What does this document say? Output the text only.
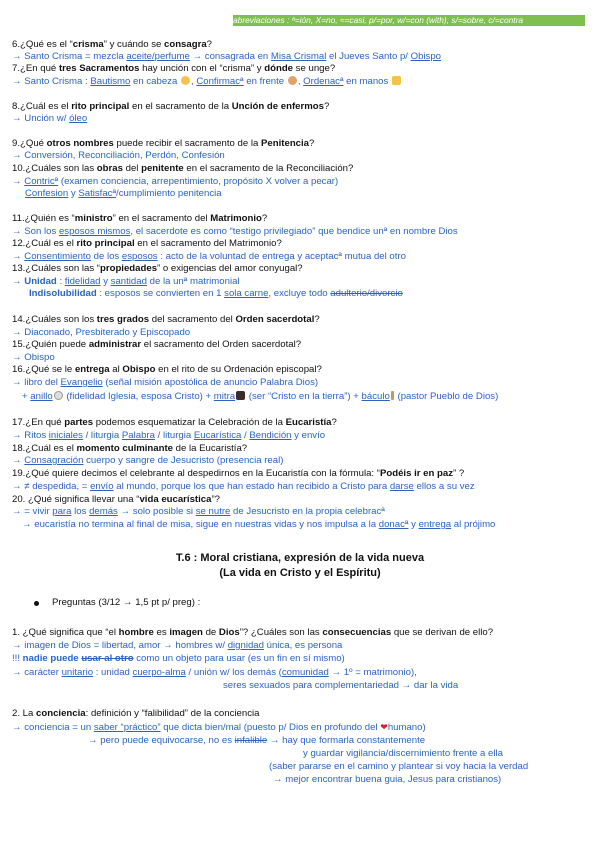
abreviaciones : ª=ión, X=no, ≈=casi, p/=por, w/=con (with), s/=sobre, c/=contra
6.¿Qué es el “crisma” y cuándo se consagra?
→ Santo Crisma = mezcla aceite/perfume → consagrada en Misa Crismal el Jueves Santo p/ Obispo
7.¿En qué tres Sacramentos hay unción con el “crisma” y dónde se unge?
→ Santo Crisma : Bautismo en cabeza , Confirmacª en frente , Ordenacª en manos
8.¿Cuál es el rito principal en el sacramento de la Unción de enfermos?
→ Unción w/ óleo
9.¿Qué otros nombres puede recibir el sacramento de la Penitencia?
→ Conversión, Reconciliación, Perdón, Confesión
10.¿Cuáles son las obras del penitente en el sacramento de la Reconciliación?
→ Contricª (examen conciencia, arrepentimiento, propósito X volver a pecar)
Confesion y Satisfacª/cumplimiento penitencia
11.¿Quién es “ministro” en el sacramento del Matrimonio?
→ Son los esposos mismos, el sacerdote es como “testigo privilegiado” que bendice unª en nombre Dios
12.¿Cuál es el rito principal en el sacramento del Matrimonio?
→ Consentimiento de los esposos : acto de la voluntad de entrega y aceptacª mutua del otro
13.¿Cuáles son las “propiedades” o exigencias del amor conyugal?
→ Unidad : fidelidad y santidad de la unª matrimonial
Indisolubilidad : esposos se convierten en 1 sola carne, excluye todo adulterio/divorcio
14.¿Cuáles son los tres grados del sacramento del Orden sacerdotal?
→ Diaconado, Presbiterado y Episcopado
15.¿Quién puede administrar el sacramento del Orden sacerdotal?
→ Obispo
16.¿Qué se le entrega al Obispo en el rito de su Ordenación episcopal?
→ libro del Evangelio (señal misión apostólica de anuncio Palabra Dios)
+ anillo (fidelidad Iglesia, esposa Cristo) + mitra (ser “Cristo en la tierra”) + báculo (pastor Pueblo de Dios)
17.¿En qué partes podemos esquematizar la Celebración de la Eucaristía?
→ Ritos iniciales / liturgia Palabra / liturgia Eucarística / Bendición y envío
18.¿Cuál es el momento culminante de la Eucaristía?
→ Consagración cuerpo y sangre de Jesucristo (presencia real)
19.¿Qué quiere decimos el celebrante al despedirnos en la Eucaristía con la fórmula: “Podéis ir en paz” ?
→ ≠ despedida, = envío al mundo, porque los que han estado han recibido a Cristo para darse ellos a su vez
20. ¿Qué significa llevar una “vida eucarística”?
→ = vivir para los demás → solo posible si se nutre de Jesucristo en la propia celebracª
→ eucaristía no termina al final de misa, sigue en nuestras vidas y nos impulsa a la donacª y entrega al prójimo
T.6 : Moral cristiana, expresión de la vida nueva
(La vida en Cristo y el Espíritu)
Preguntas (3/12 → 1,5 pt p/ preg) :
1. ¿Qué significa que “el hombre es imagen de Dios”? ¿Cuáles son las consecuencias que se derivan de ello?
→ imagen de Dios = libertad, amor → hombres w/ dignidad única, es persona
!!! nadie puede usar al otro como un objeto para usar (es un fin en sí mismo)
→ carácter unitario : unidad cuerpo-alma / unión w/ los demás (comunidad → 1º = matrimonio),
seres sexuados para complementariedad → dar la vida
2. La conciencia: definición y “falibilidad” de la conciencia
→ conciencia = un saber “práctico” que dicta bien/mal (puesto p/ Dios en profundo del ❤humano)
→ pero puede equivocarse, no es infalible → hay que formarla constantemente
y guardar vigilancia/discernimiento frente a ella
(saber pararse en el camino y plantear si voy hacia la verdad
→ mejor encontrar buena guia, Jesus para cristianos)
